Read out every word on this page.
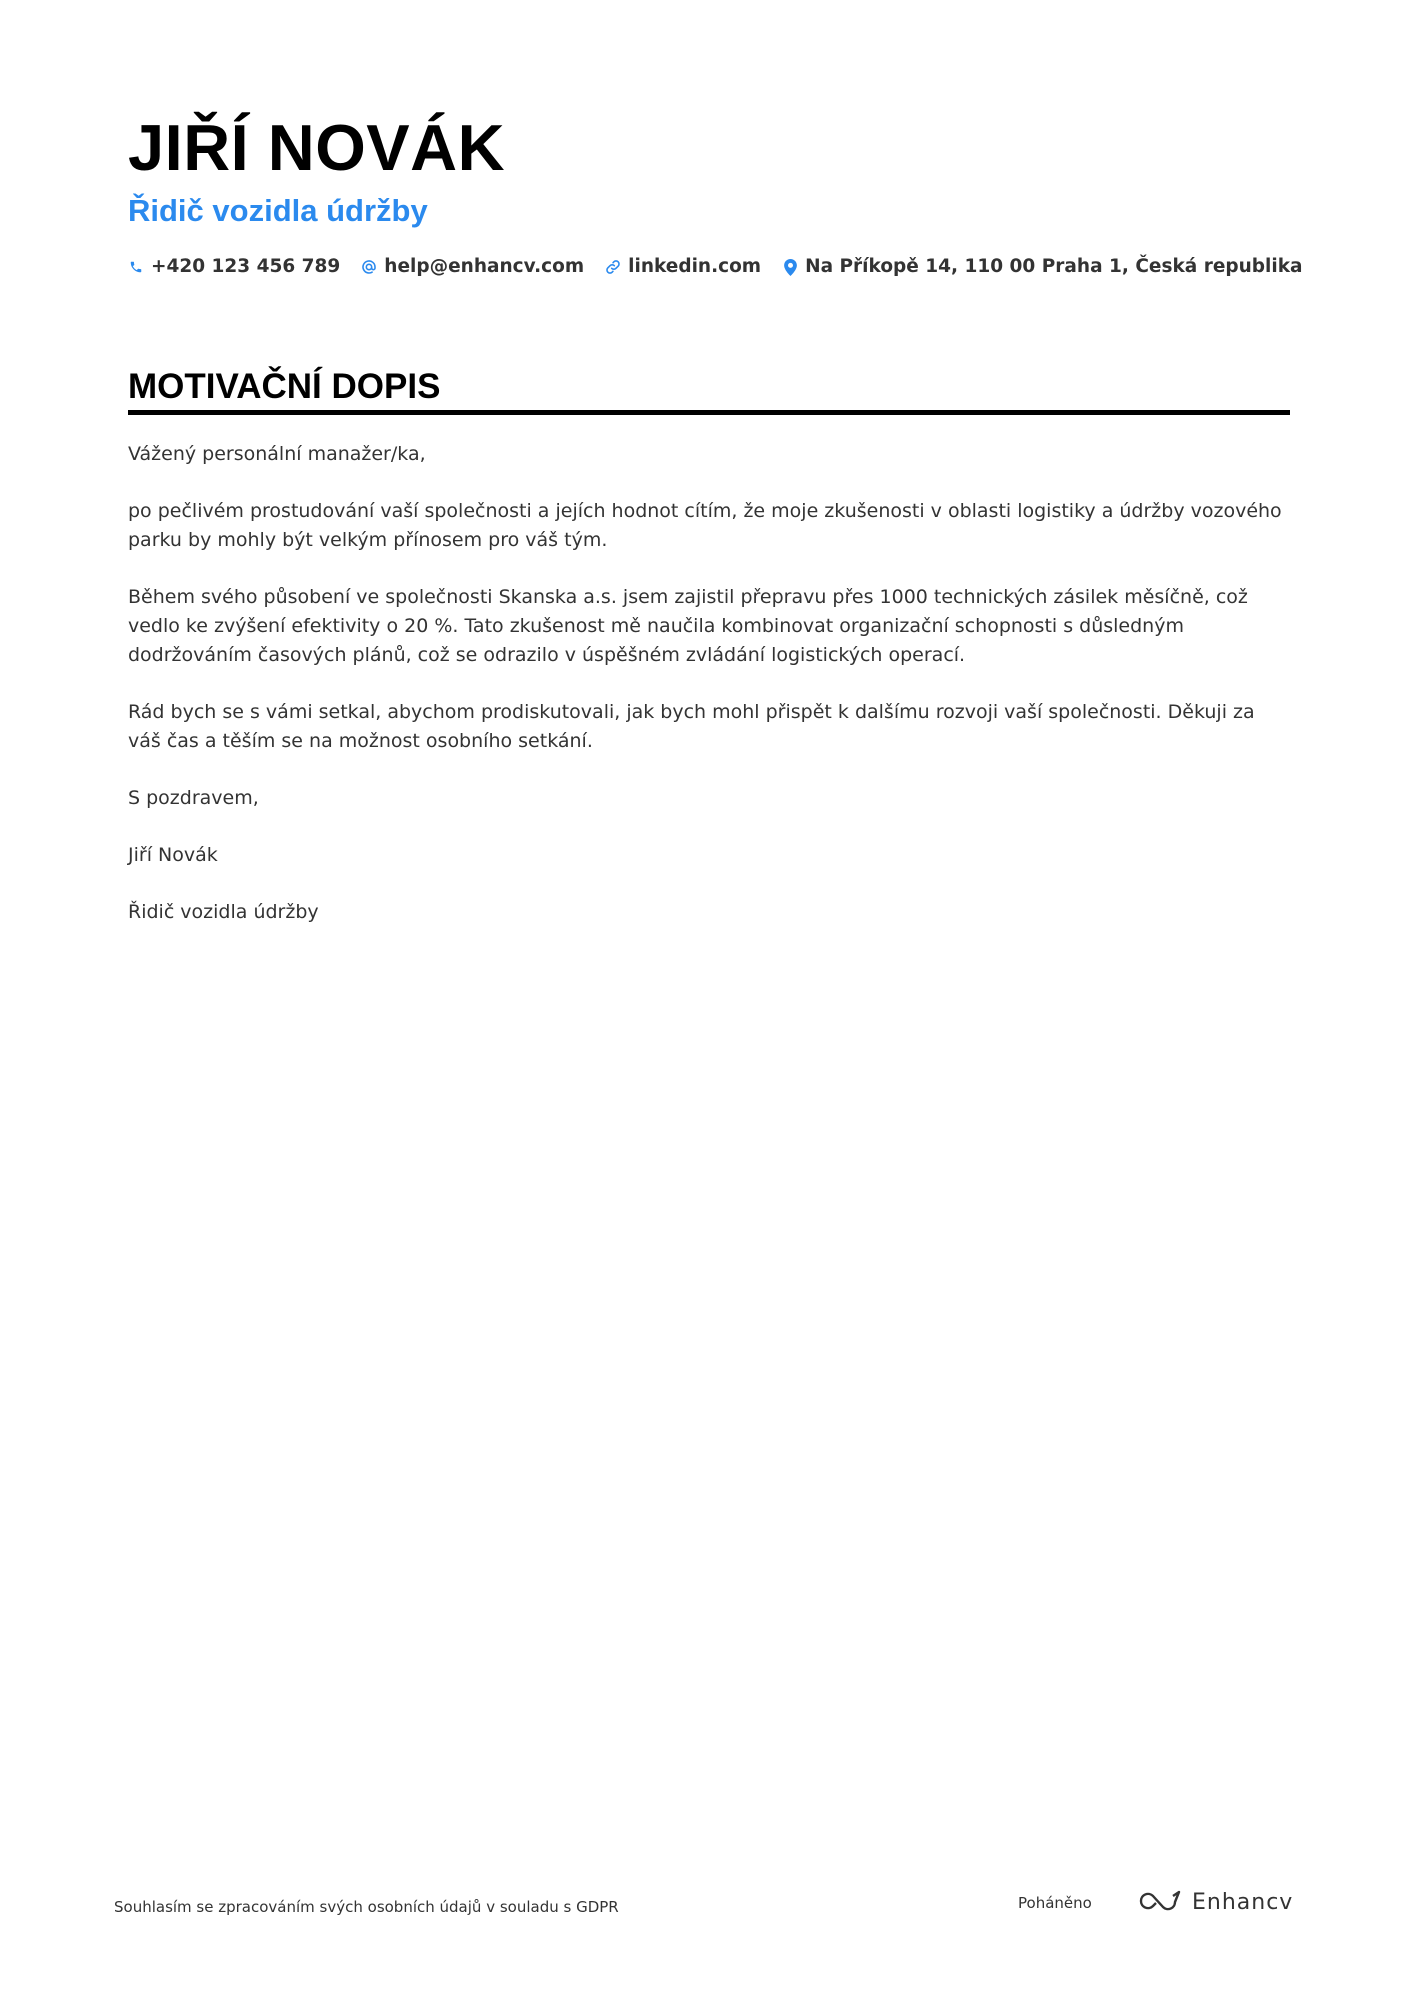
JIŘÍ NOVÁK
Řidič vozidla údržby
+420 123 456 789 help@enhancv.com linkedin.com Na Příkopě 14, 110 00 Praha 1, Česká republika
MOTIVAČNÍ DOPIS

Vážený personální manažer/ka,

po pečlivém prostudování vaší společnosti a jejích hodnot cítím, že moje zkušenosti v oblasti logistiky a údržby vozového parku by mohly být velkým přínosem pro váš tým.

Během svého působení ve společnosti Skanska a.s. jsem zajistil přepravu přes 1000 technických zásilek měsíčně, což vedlo ke zvýšení efektivity o 20 %. Tato zkušenost mě naučila kombinovat organizační schopnosti s důsledným dodržováním časových plánů, což se odrazilo v úspěšném zvládání logistických operací.

Rád bych se s vámi setkal, abychom prodiskutovali, jak bych mohl přispět k dalšímu rozvoji vaší společnosti. Děkuji za váš čas a těším se na možnost osobního setkání.

S pozdravem,

Jiří Novák

Řidič vozidla údržby

Souhlasím se zpracováním svých osobních údajů v souladu s GDPR	Poháněno	Enhancv
